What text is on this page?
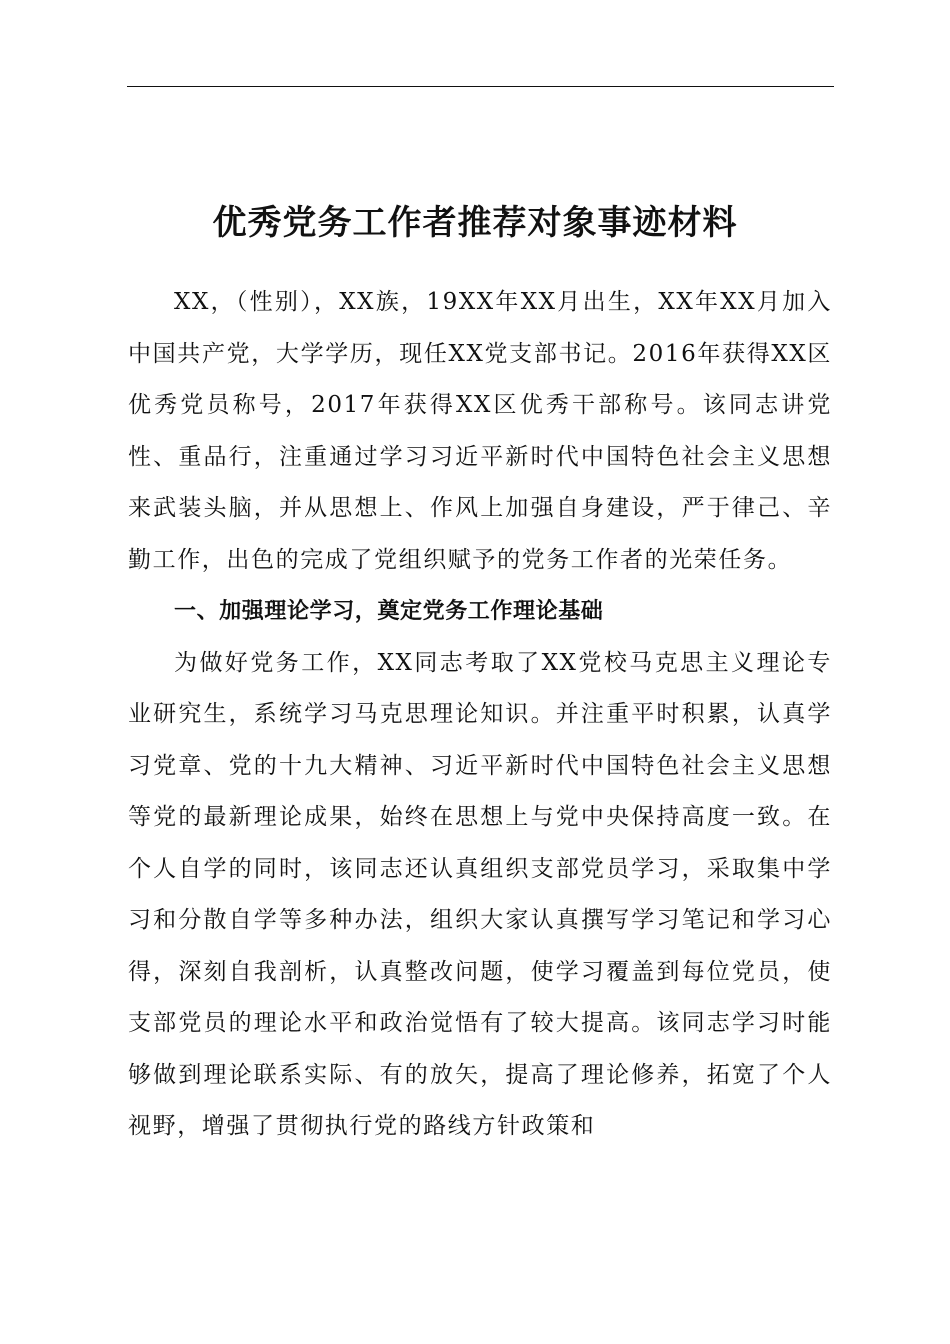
优秀党务工作者推荐对象事迹材料

XX，（性别），XX族，19XX年XX月出生，XX年XX月加入中国共产党，大学学历，现任XX党支部书记。2016年获得XX区优秀党员称号，2017年获得XX区优秀干部称号。该同志讲党性、重品行，注重通过学习习近平新时代中国特色社会主义思想来武装头脑，并从思想上、作风上加强自身建设，严于律己、辛勤工作，出色的完成了党组织赋予的党务工作者的光荣任务。

一、加强理论学习，奠定党务工作理论基础

为做好党务工作，XX同志考取了XX党校马克思主义理论专业研究生，系统学习马克思理论知识。并注重平时积累，认真学习党章、党的十九大精神、习近平新时代中国特色社会主义思想等党的最新理论成果，始终在思想上与党中央保持高度一致。在个人自学的同时，该同志还认真组织支部党员学习，采取集中学习和分散自学等多种办法，组织大家认真撰写学习笔记和学习心得，深刻自我剖析，认真整改问题，使学习覆盖到每位党员，使支部党员的理论水平和政治觉悟有了较大提高。该同志学习时能够做到理论联系实际、有的放矢，提高了理论修养，拓宽了个人视野，增强了贯彻执行党的路线方针政策和
